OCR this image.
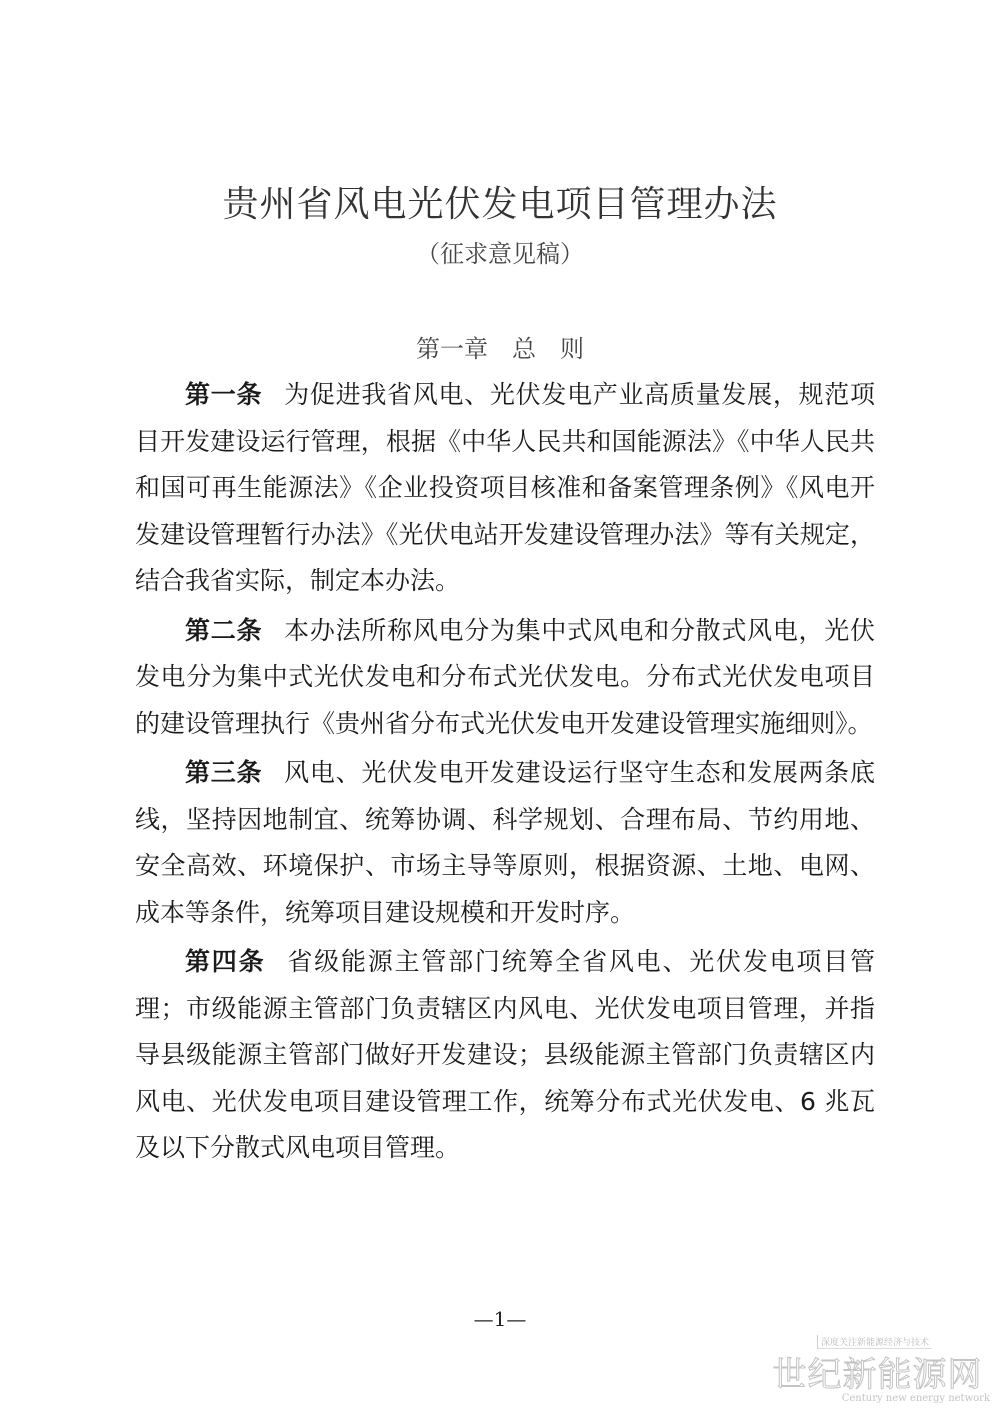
贵州省风电光伏发电项目管理办法
（征求意见稿）
第一章　总　则

第一条 为促进我省风电、光伏发电产业高质量发展，规范项目开发建设运行管理，根据《中华人民共和国能源法》《中华人民共和国可再生能源法》《企业投资项目核准和备案管理条例》《风电开发建设管理暂行办法》《光伏电站开发建设管理办法》等有关规定，结合我省实际，制定本办法。

第二条 本办法所称风电分为集中式风电和分散式风电，光伏发电分为集中式光伏发电和分布式光伏发电。分布式光伏发电项目的建设管理执行《贵州省分布式光伏发电开发建设管理实施细则》。

第三条 风电、光伏发电开发建设运行坚守生态和发展两条底线，坚持因地制宜、统筹协调、科学规划、合理布局、节约用地、安全高效、环境保护、市场主导等原则，根据资源、土地、电网、成本等条件，统筹项目建设规模和开发时序。

第四条 省级能源主管部门统筹全省风电、光伏发电项目管理；市级能源主管部门负责辖区内风电、光伏发电项目管理，并指导县级能源主管部门做好开发建设；县级能源主管部门负责辖区内风电、光伏发电项目建设管理工作，统筹分布式光伏发电、6 兆瓦及以下分散式风电项目管理。

—1—
深度关注新能源经济与技术
世纪新能源网
Century new energy network
